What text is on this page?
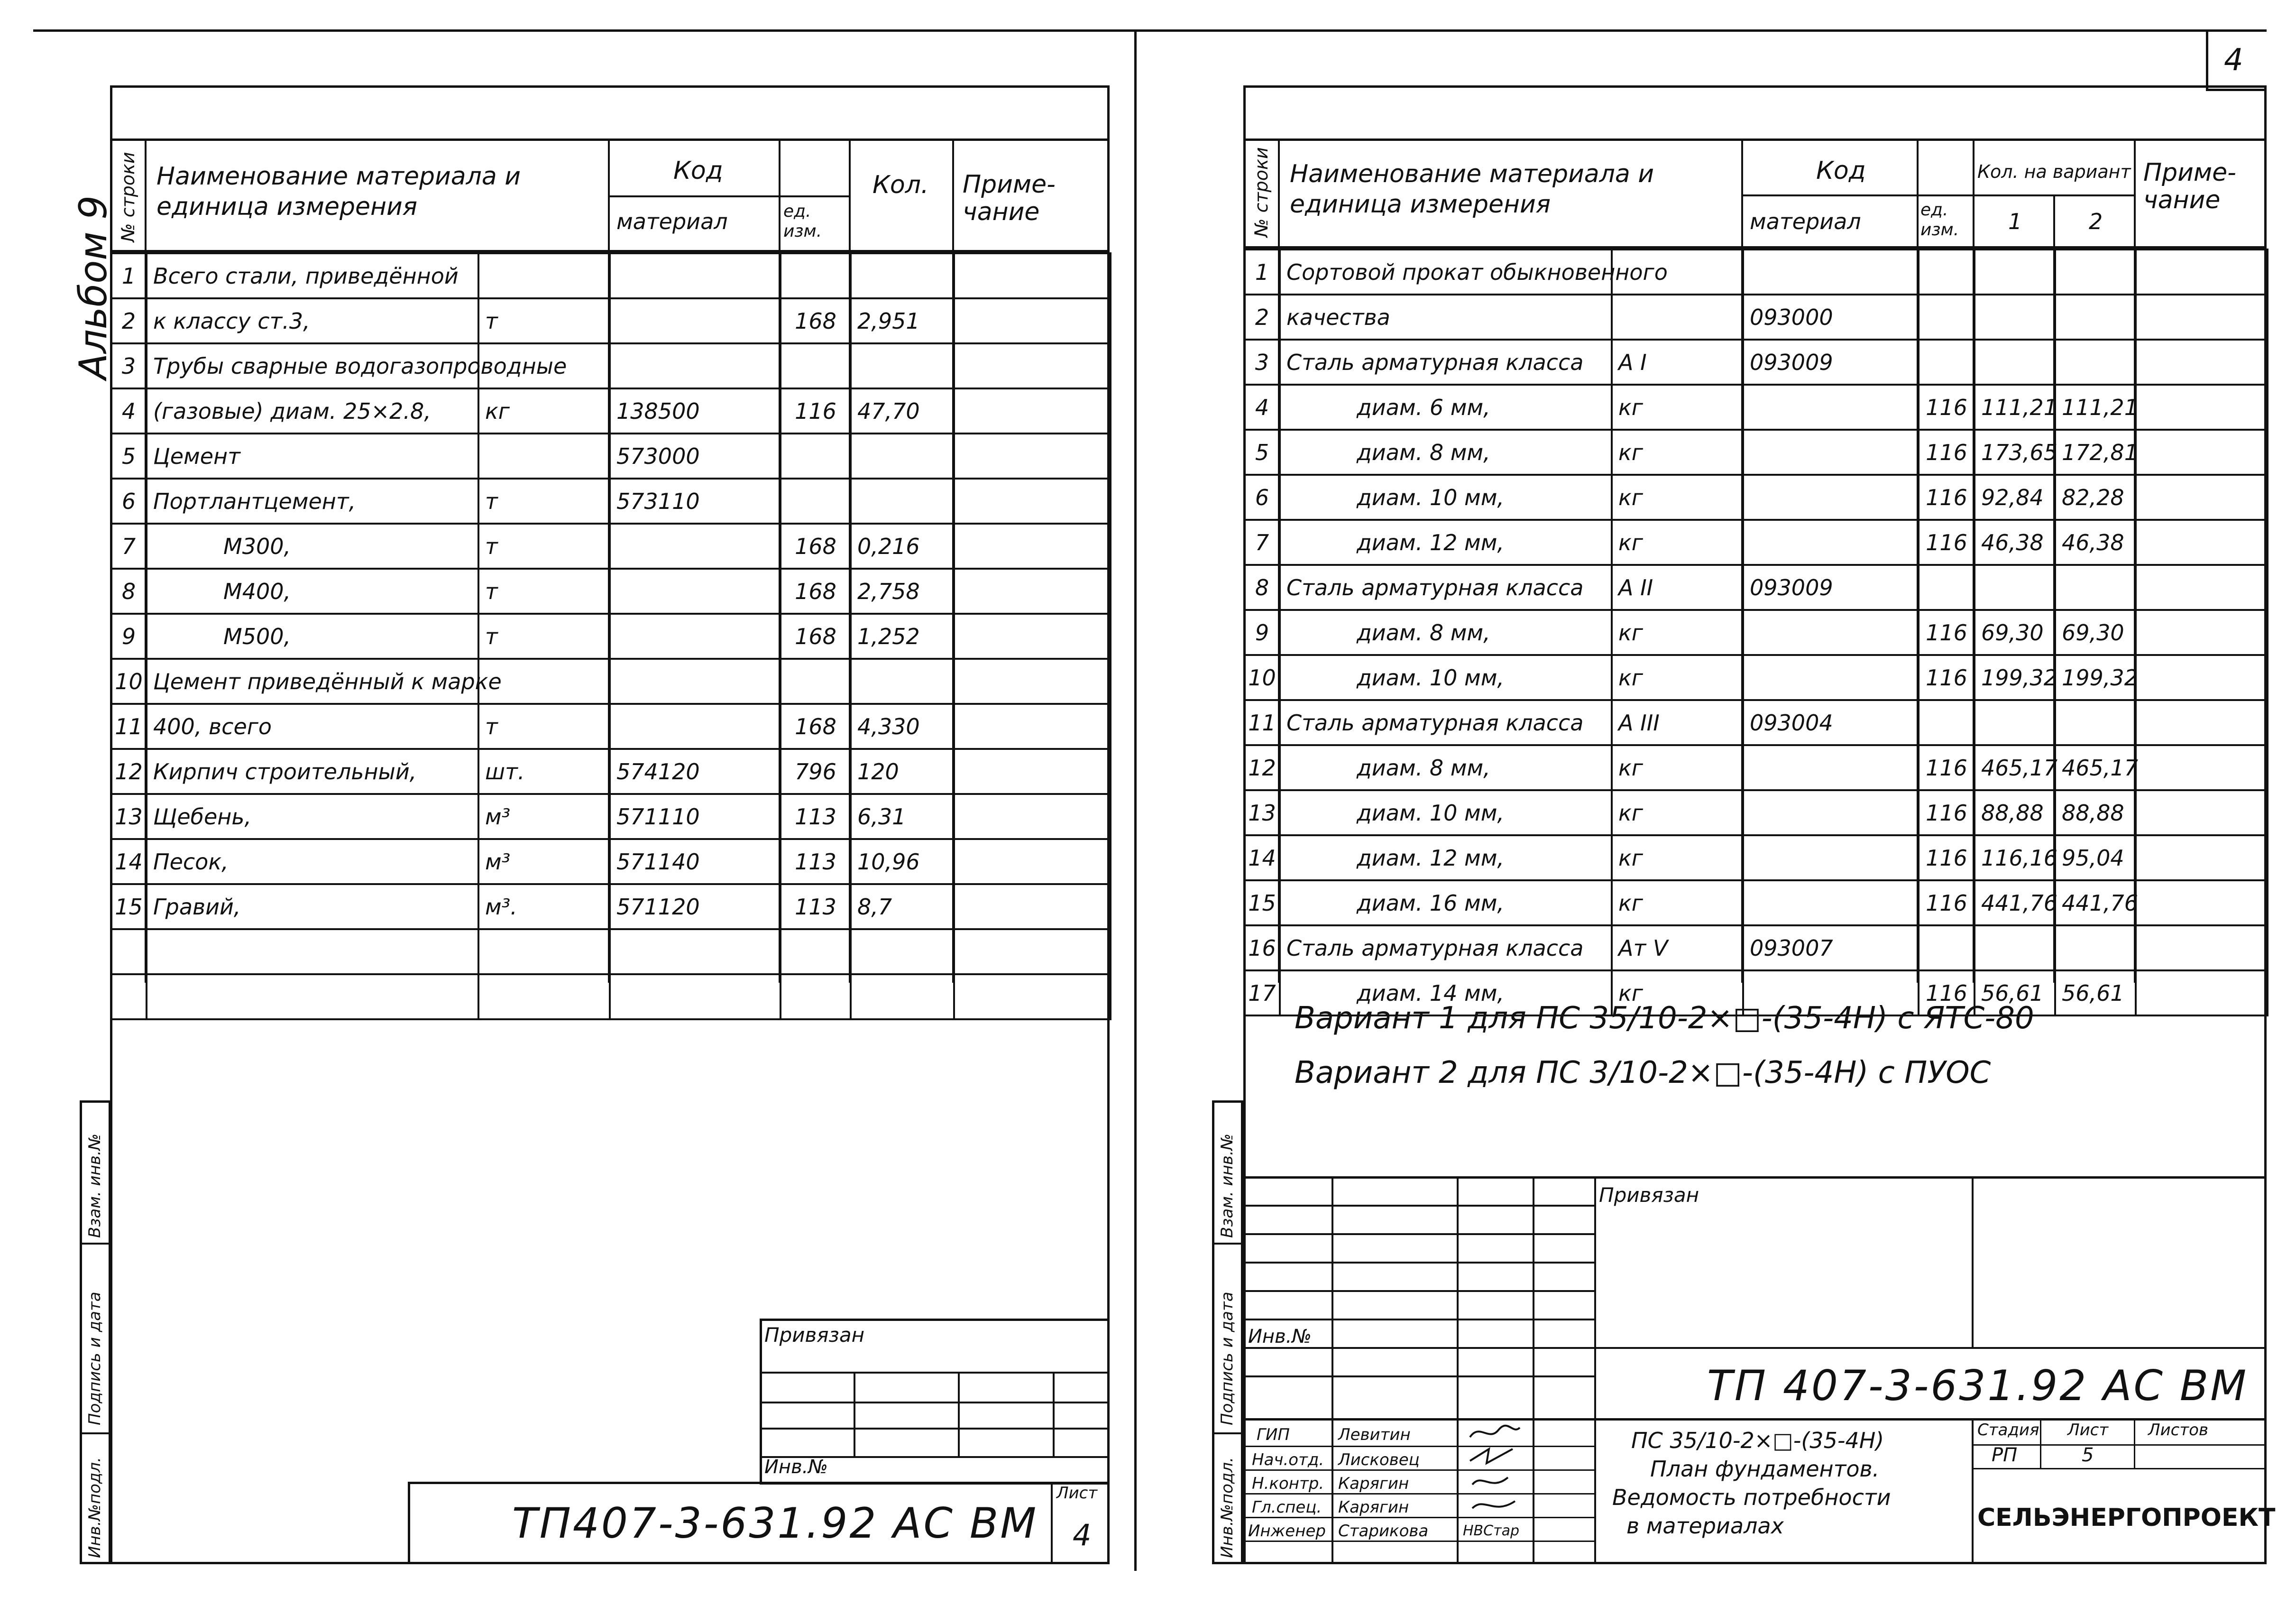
4
Альбом 9 № строки Наименование материала и единица измерения
Код
материал	ед. изм.
Кол. Приме-чание
1	Всего стали, приведённой					
2	к классу ст.3,	т		168	2,951	
3	Трубы сварные водогазопроводные					
4	(газовые) диам. 25×2.8,	кг	138500	116	47,70	
5	Цемент		573000			
6	Портлантцемент,	т	573110			
7	М300,	т		168	0,216	
8	М400,	т		168	2,758	
9	М500,	т		168	1,252	
10	Цемент приведённый к марке					
11	400, всего	т		168	4,330	
12	Кирпич строительный,	шт.	574120	796	120	
13	Щебень,	м³	571110	113	6,31	
14	Песок,	м³	571140	113	10,96	
15	Гравий,	м³.	571120	113	8,7	

Взам. инв.№
Подпись и дата
Инв.№подл.
Привязан
Инв.№
ТП407-3-631.92 АС ВМ
Лист
4
№ строки Наименование материала и единица измерения
Код
материал	ед. изм.
Кол. на вариант
1	2
Приме-чание
1	Сортовой прокат обыкновенного						
2	качества		093000				
3	Сталь арматурная класса	А I	093009				
4	диам. 6 мм,	кг		116	111,21	111,21	
5	диам. 8 мм,	кг		116	173,65	172,81	
6	диам. 10 мм,	кг		116	92,84	82,28	
7	диам. 12 мм,	кг		116	46,38	46,38	
8	Сталь арматурная класса	А II	093009				
9	диам. 8 мм,	кг		116	69,30	69,30	
10	диам. 10 мм,	кг		116	199,32	199,32	
11	Сталь арматурная класса	А III	093004				
12	диам. 8 мм,	кг		116	465,17	465,17	
13	диам. 10 мм,	кг		116	88,88	88,88	
14	диам. 12 мм,	кг		116	116,16	95,04	
15	диам. 16 мм,	кг		116	441,76	441,76	
16	Сталь арматурная класса	Ат V	093007				
17	диам. 14 мм,	кг		116	56,61	56,61	
Вариант 1 для ПС 35/10-2×□-(35-4Н) с ЯТС-80
Вариант 2 для ПС 3/10-2×□-(35-4Н) с ПУОС
Взам. инв.№
Подпись и дата
Инв.№подл.
Привязан
Инв.№
ТП 407-3-631.92 АС ВМ
ГИП	Левитин
Нач.отд. Лисковец
Н.контр. Карягин
Гл.спец. Карягин
Инженер Старикова НВСтар
ПС 35/10-2×□-(35-4Н)
План фундаментов.
Ведомость потребности
в материалах
Стадия Лист Листов
РП	5
СЕЛЬЭНЕРГОПРОЕКТ
